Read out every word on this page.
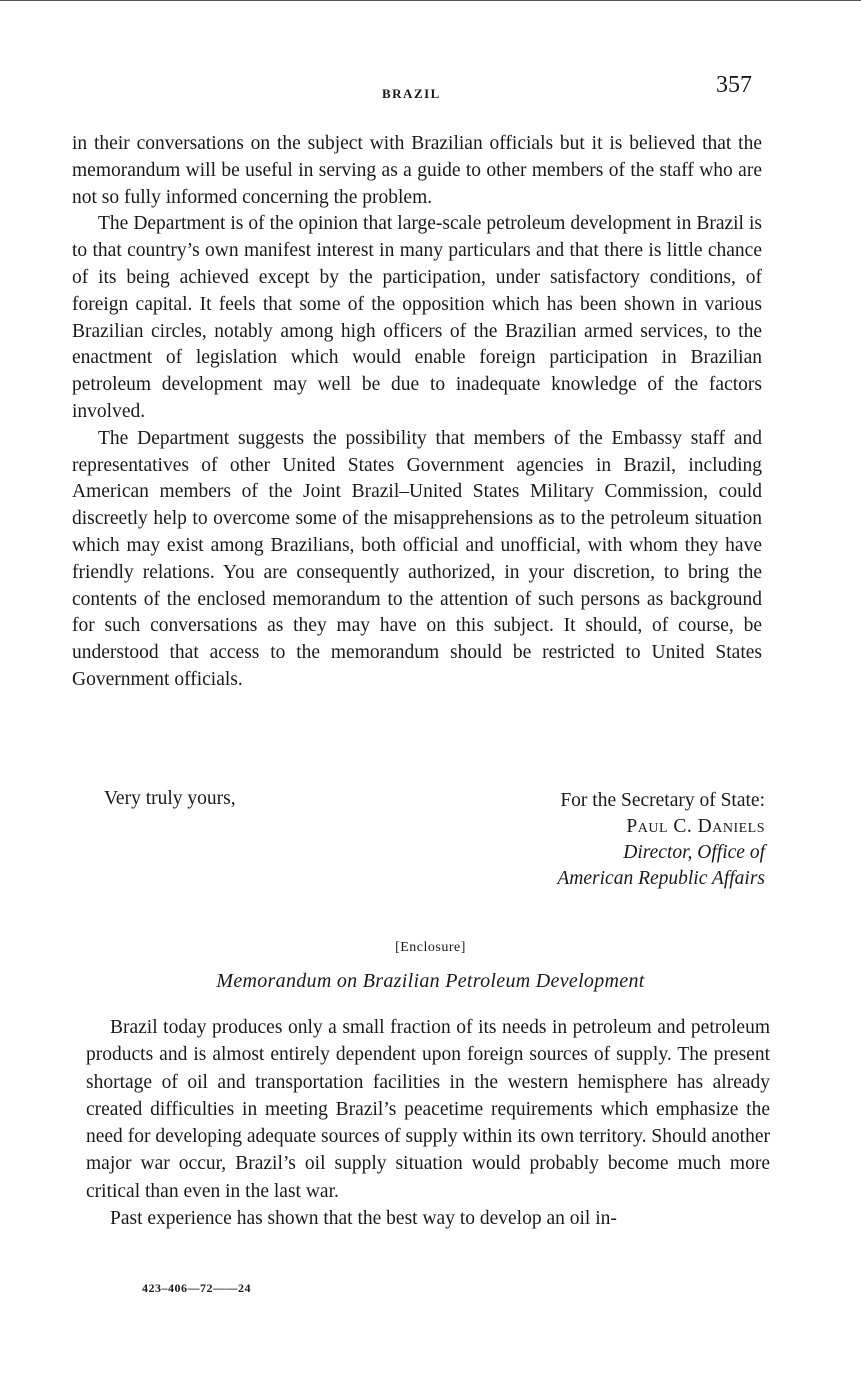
BRAZIL	357

in their conversations on the subject with Brazilian officials but it is believed that the memorandum will be useful in serving as a guide to other members of the staff who are not so fully informed concerning the problem.

The Department is of the opinion that large-scale petroleum development in Brazil is to that country’s own manifest interest in many particulars and that there is little chance of its being achieved except by the participation, under satisfactory conditions, of foreign capital. It feels that some of the opposition which has been shown in various Brazilian circles, notably among high officers of the Brazilian armed services, to the enactment of legislation which would enable foreign participation in Brazilian petroleum development may well be due to inadequate knowledge of the factors involved.

The Department suggests the possibility that members of the Embassy staff and representatives of other United States Government agencies in Brazil, including American members of the Joint Brazil–United States Military Commission, could discreetly help to overcome some of the misapprehensions as to the petroleum situation which may exist among Brazilians, both official and unofficial, with whom they have friendly relations. You are consequently authorized, in your discretion, to bring the contents of the enclosed memorandum to the attention of such persons as background for such conversations as they may have on this subject. It should, of course, be understood that access to the memorandum should be restricted to United States Government officials.

Very truly yours,	For the Secretary of State:
Paul C. Daniels
Director, Office of
American Republic Affairs
[Enclosure]
Memorandum on Brazilian Petroleum Development

Brazil today produces only a small fraction of its needs in petroleum and petroleum products and is almost entirely dependent upon foreign sources of supply. The present shortage of oil and transportation facilities in the western hemisphere has already created difficulties in meeting Brazil’s peacetime requirements which emphasize the need for developing adequate sources of supply within its own territory. Should another major war occur, Brazil’s oil supply situation would probably become much more critical than even in the last war.

Past experience has shown that the best way to develop an oil in-

423–406—72——24
